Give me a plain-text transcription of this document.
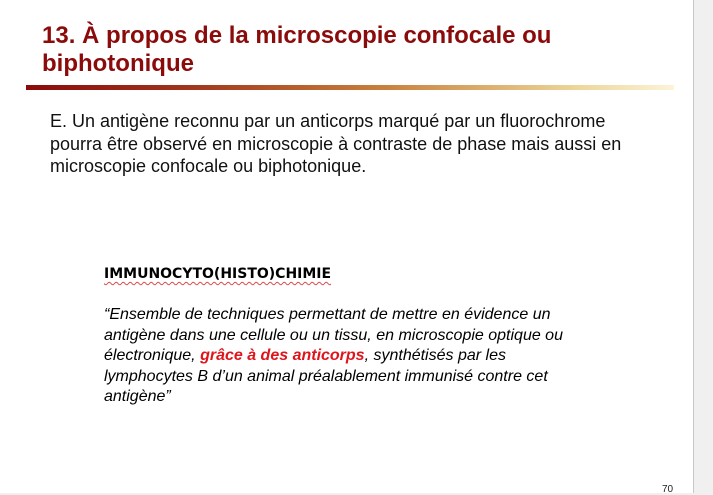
13. À propos de la microscopie confocale ou biphotonique

E. Un antigène reconnu par un anticorps marqué par un fluorochrome pourra être observé en microscopie à contraste de phase mais aussi en microscopie confocale ou biphotonique.

IMMUNOCYTO(HISTO)CHIMIE

“Ensemble de techniques permettant de mettre en évidence un antigène dans une cellule ou un tissu, en microscopie optique ou électronique, grâce à des anticorps, synthétisés par les lymphocytes B d’un animal préalablement immunisé contre cet antigène”

70
